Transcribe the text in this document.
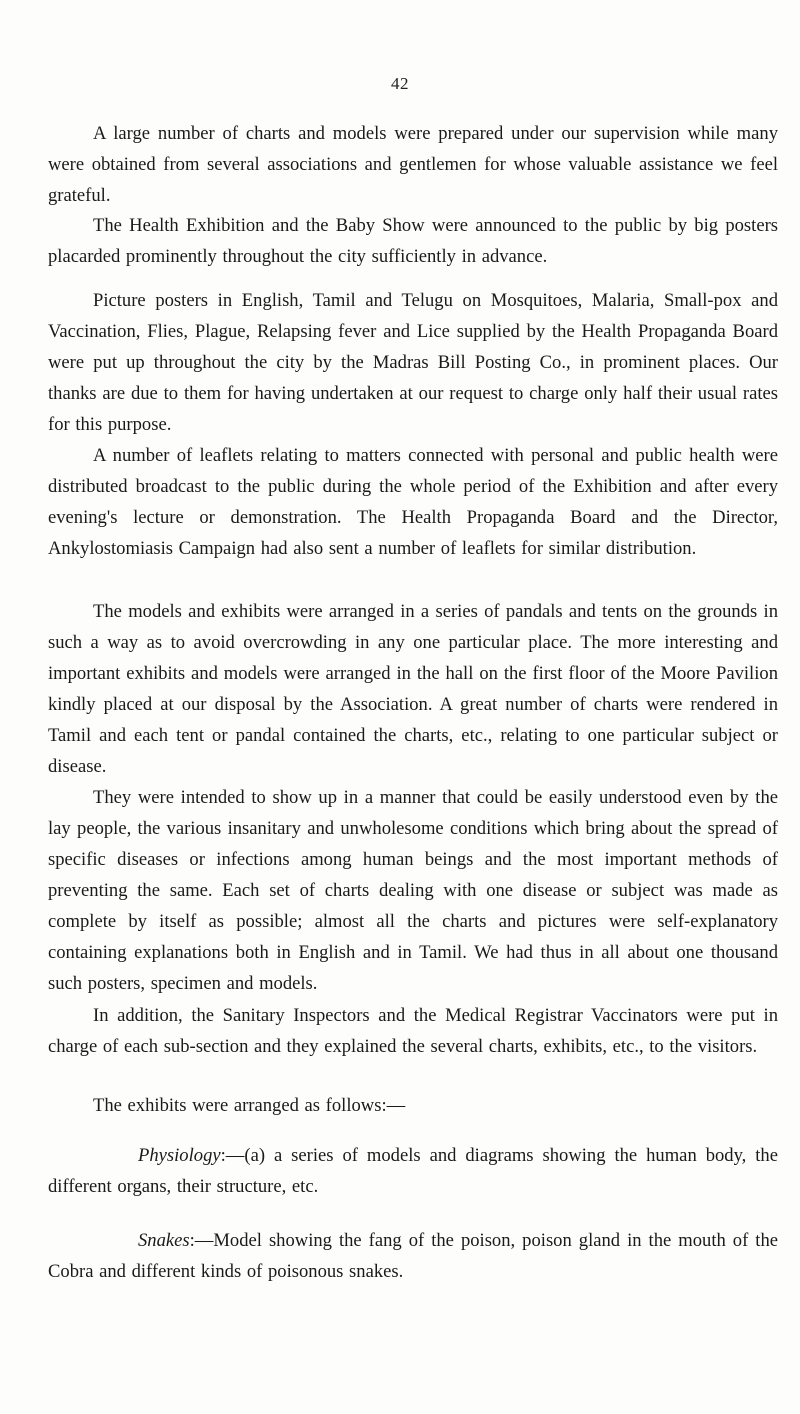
42

A large number of charts and models were prepared under our supervision while many were obtained from several associations and gentlemen for whose valuable assistance we feel grateful.

The Health Exhibition and the Baby Show were announced to the public by big posters placarded prominently throughout the city sufficiently in advance.

Picture posters in English, Tamil and Telugu on Mosquitoes, Malaria, Small-pox and Vaccination, Flies, Plague, Relapsing fever and Lice supplied by the Health Propaganda Board were put up throughout the city by the Madras Bill Posting Co., in prominent places. Our thanks are due to them for having undertaken at our request to charge only half their usual rates for this purpose.

A number of leaflets relating to matters connected with personal and public health were distributed broadcast to the public during the whole period of the Exhibition and after every evening's lecture or demonstration. The Health Propaganda Board and the Director, Ankylostomiasis Campaign had also sent a number of leaflets for similar distribution.

The models and exhibits were arranged in a series of pandals and tents on the grounds in such a way as to avoid overcrowding in any one particular place. The more interesting and important exhibits and models were arranged in the hall on the first floor of the Moore Pavilion kindly placed at our disposal by the Association. A great number of charts were rendered in Tamil and each tent or pandal contained the charts, etc., relating to one particular subject or disease.

They were intended to show up in a manner that could be easily understood even by the lay people, the various insanitary and unwholesome conditions which bring about the spread of specific diseases or infections among human beings and the most important methods of preventing the same. Each set of charts dealing with one disease or subject was made as complete by itself as possible; almost all the charts and pictures were self-explanatory containing explanations both in English and in Tamil. We had thus in all about one thousand such posters, specimen and models.

In addition, the Sanitary Inspectors and the Medical Registrar Vaccinators were put in charge of each sub-section and they explained the several charts, exhibits, etc., to the visitors.

The exhibits were arranged as follows:—

Physiology:—(a) a series of models and diagrams showing the human body, the different organs, their structure, etc.

Snakes:—Model showing the fang of the poison, poison gland in the mouth of the Cobra and different kinds of poisonous snakes.
